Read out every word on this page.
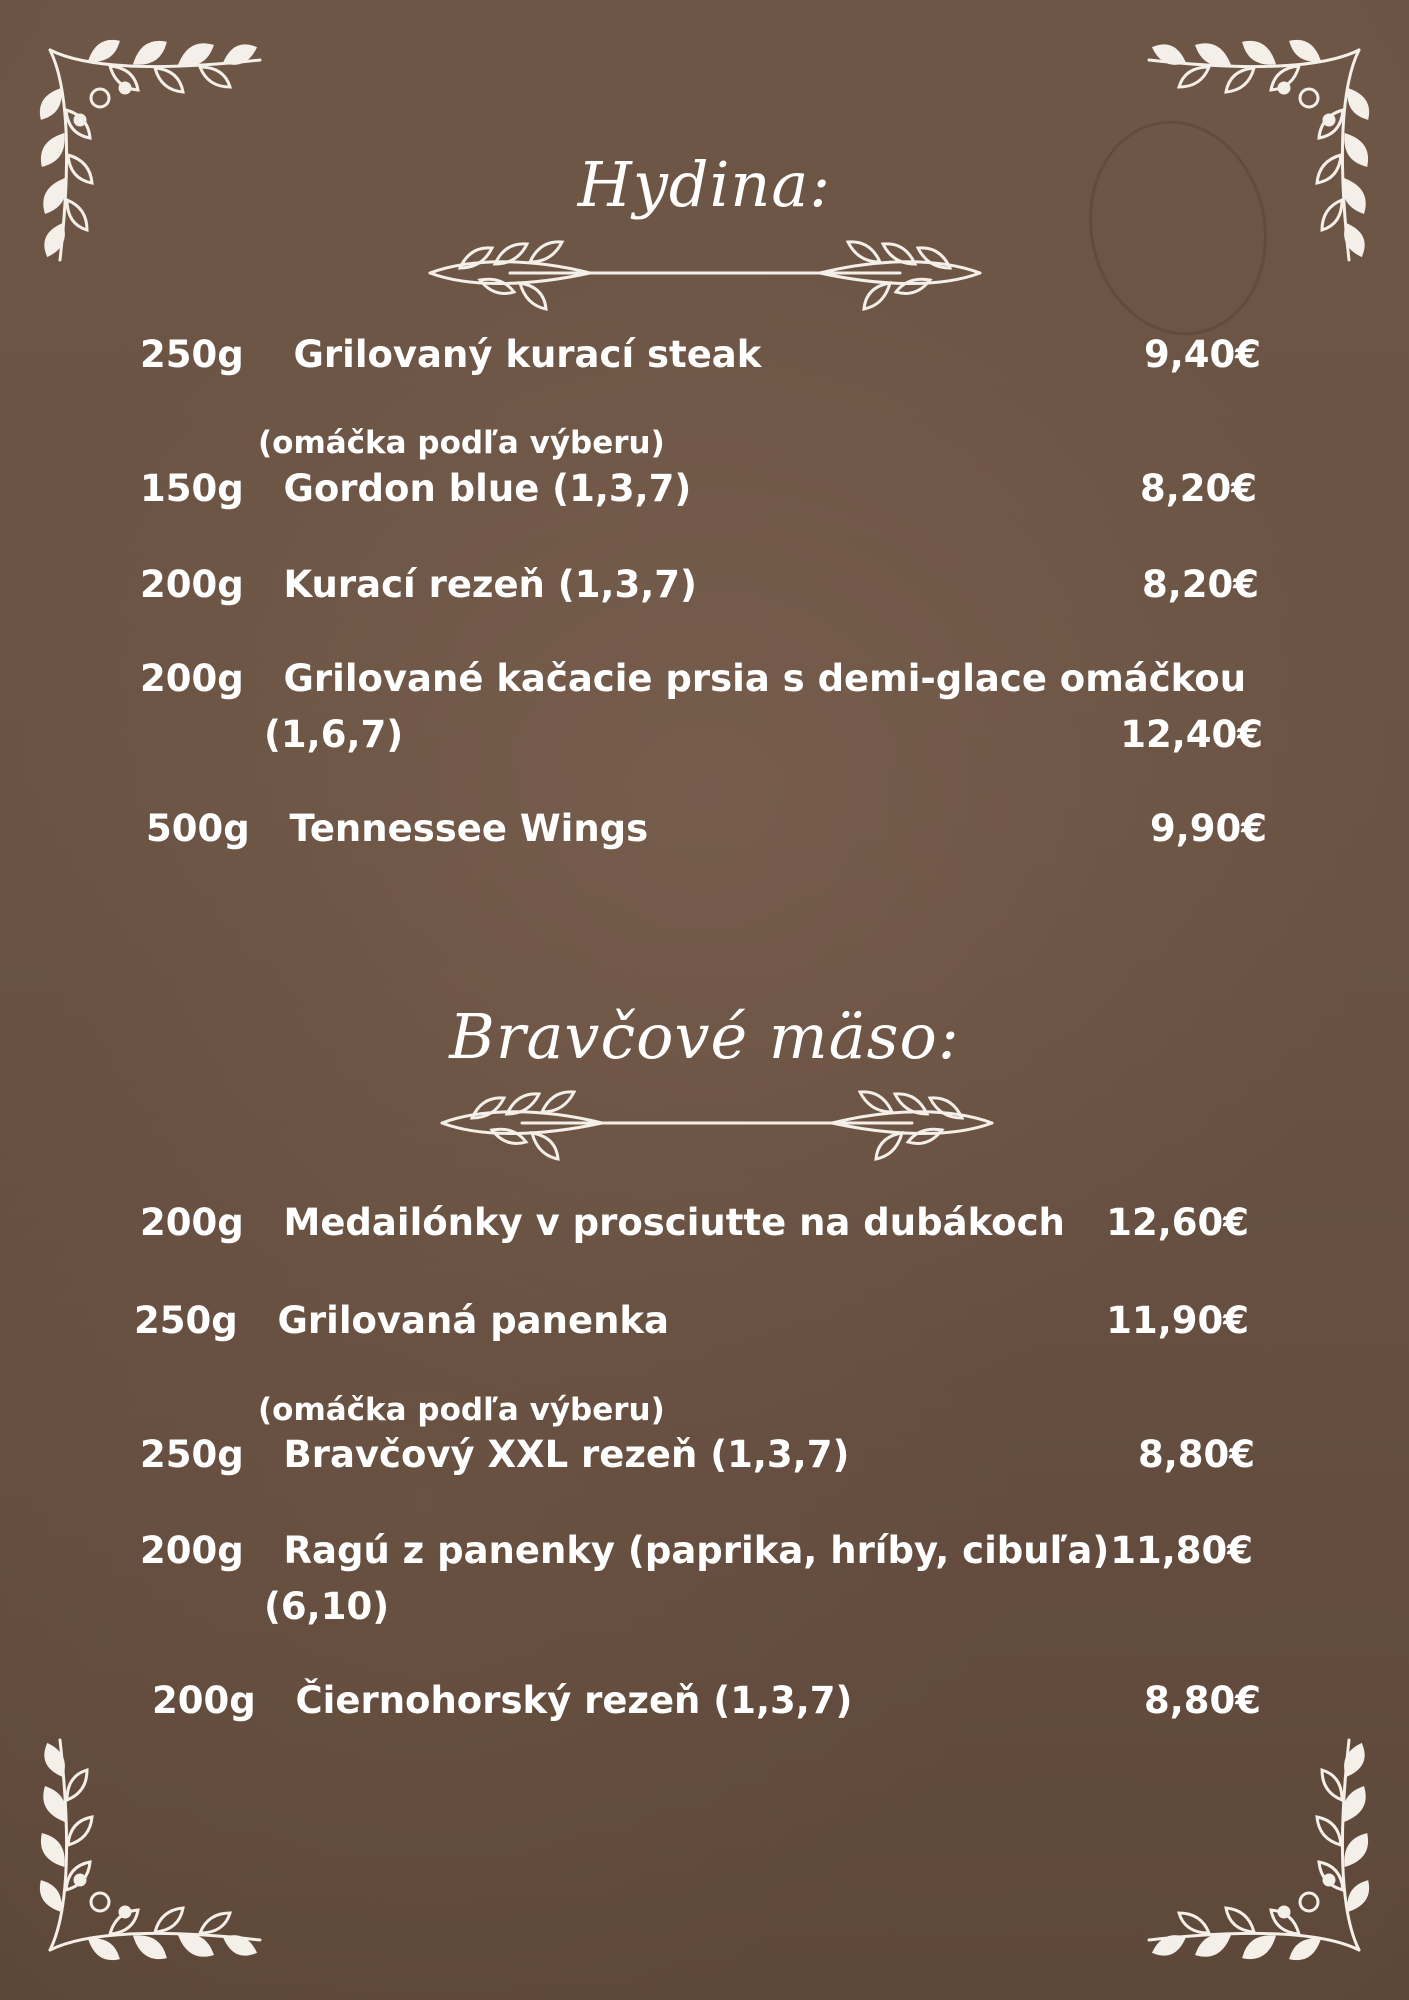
Hydina:
250g Grilovaný kurací steak	9,40€
(omáčka podľa výberu)
150g Gordon blue (1,3,7)	8,20€
200g Kurací rezeň (1,3,7)	8,20€
200g Grilované kačacie prsia s demi-glace omáčkou
(1,6,7)	12,40€
500g Tennessee Wings	9,90€
Bravčové mäso:
200g Medailónky v prosciutte na dubákoch 12,60€
250g Grilovaná panenka	11,90€
(omáčka podľa výberu)
250g Bravčový XXL rezeň (1,3,7)	8,80€
200g Ragú z panenky (paprika, hríby, cibuľa) 11,80€
(6,10)
200g Čiernohorský rezeň (1,3,7)	8,80€
